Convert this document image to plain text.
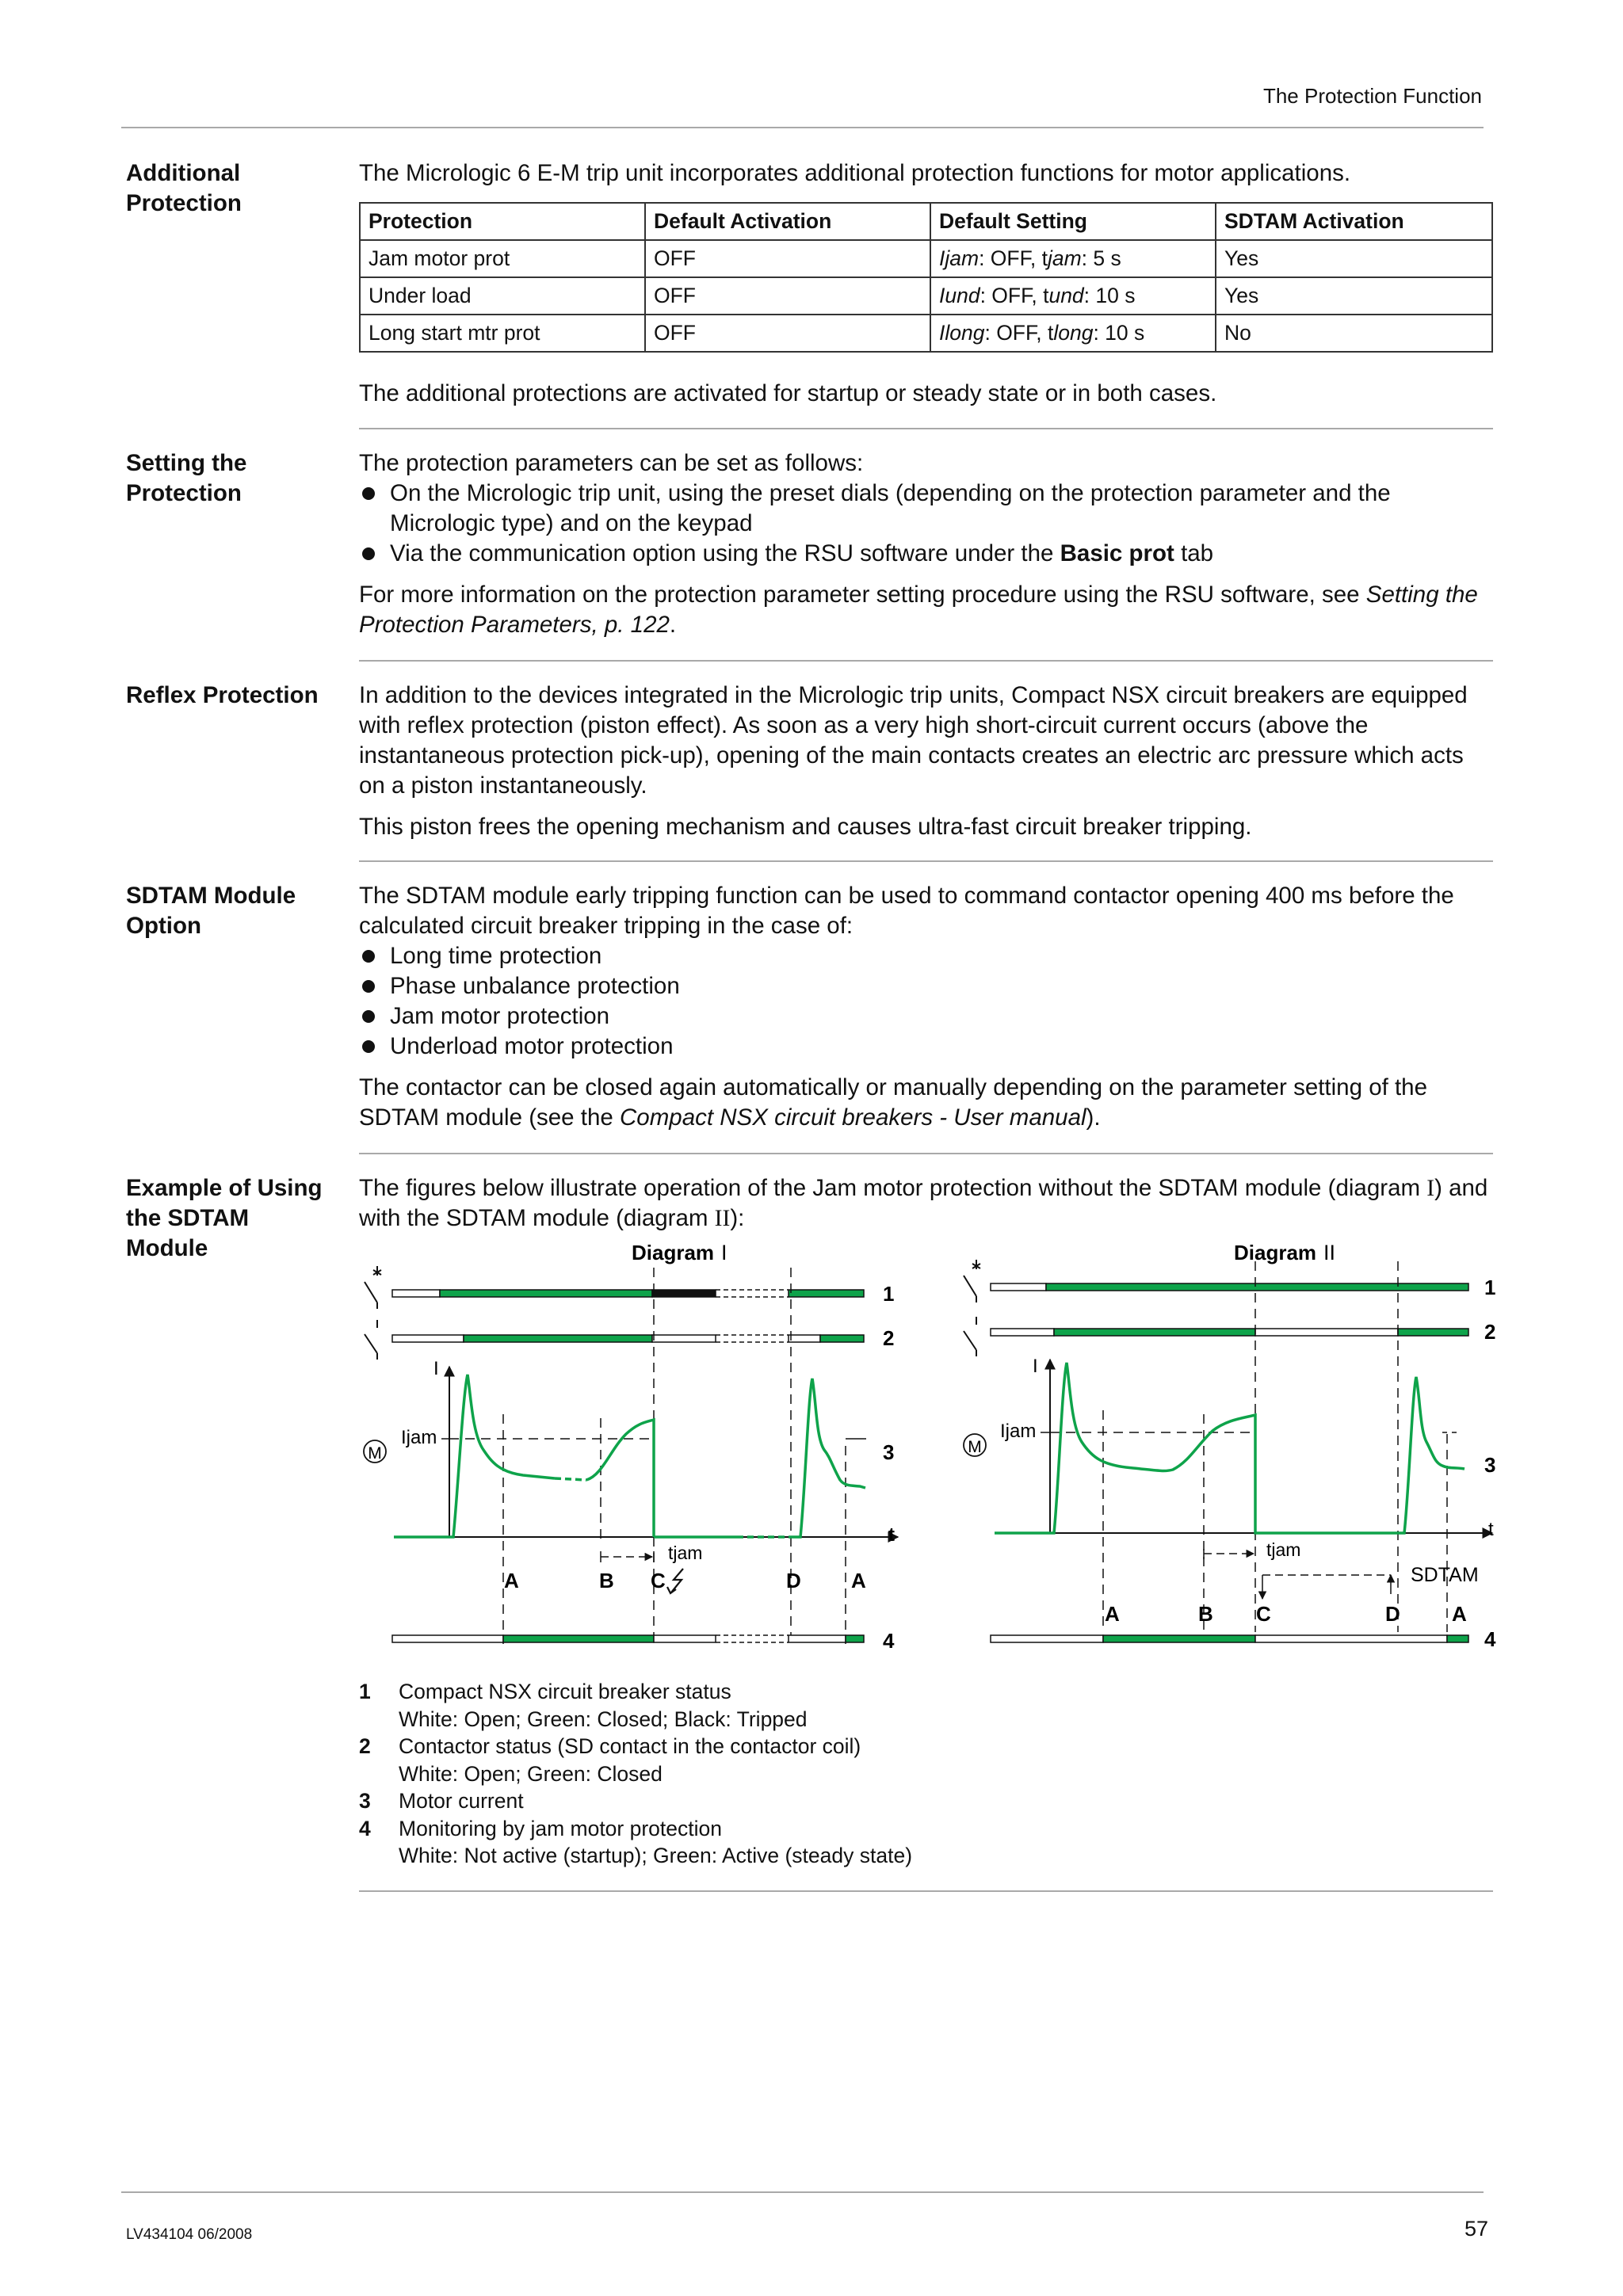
The Protection Function
Additional Protection

The Micrologic 6 E-M trip unit incorporates additional protection functions for motor applications.

Protection	Default Activation	Default Setting	SDTAM Activation
Jam motor prot	OFF	Ijam: OFF, tjam: 5 s	Yes
Under load	OFF	Iund: OFF, tund: 10 s	Yes
Long start mtr prot	OFF	Ilong: OFF, tlong: 10 s	No

The additional protections are activated for startup or steady state or in both cases.

Setting the Protection

The protection parameters can be set as follows:

On the Micrologic trip unit, using the preset dials (depending on the protection parameter and the Micrologic type) and on the keypad
Via the communication option using the RSU software under the Basic prot tab

For more information on the protection parameter setting procedure using the RSU software, see Setting the Protection Parameters, p. 122.

Reflex Protection	In addition to the devices integrated in the Micrologic trip units, Compact NSX circuit breakers are equipped with reflex protection (piston effect). As soon as a very high short-circuit current occurs (above the instantaneous protection pick-up), opening of the main contacts creates an electric arc pressure which acts on a piston instantaneously.

This piston frees the opening mechanism and causes ultra-fast circuit breaker tripping.

SDTAM Module Option

The SDTAM module early tripping function can be used to command contactor opening 400 ms before the calculated circuit breaker tripping in the case of:

Long time protection
Phase unbalance protection
Jam motor protection
Underload motor protection

The contactor can be closed again automatically or manually depending on the parameter setting of the SDTAM module (see the Compact NSX circuit breakers - User manual).

Example of Using the SDTAM Module

The figures below illustrate operation of the Jam motor protection without the SDTAM module (diagram I) and with the SDTAM module (diagram II):

Diagram I
1
2
I
t
M
Ijam
3
tjam
A	B C	D A
4
Diagram II
1
2
I
t
M
Ijam
3
tjam
SDTAM
A	B C	D	A
4
1	Compact NSX circuit breaker status
White: Open; Green: Closed; Black: Tripped
2	Contactor status (SD contact in the contactor coil)
White: Open; Green: Closed
3	Motor current
4	Monitoring by jam motor protection
White: Not active (startup); Green: Active (steady state)
LV434104 06/2008	57
